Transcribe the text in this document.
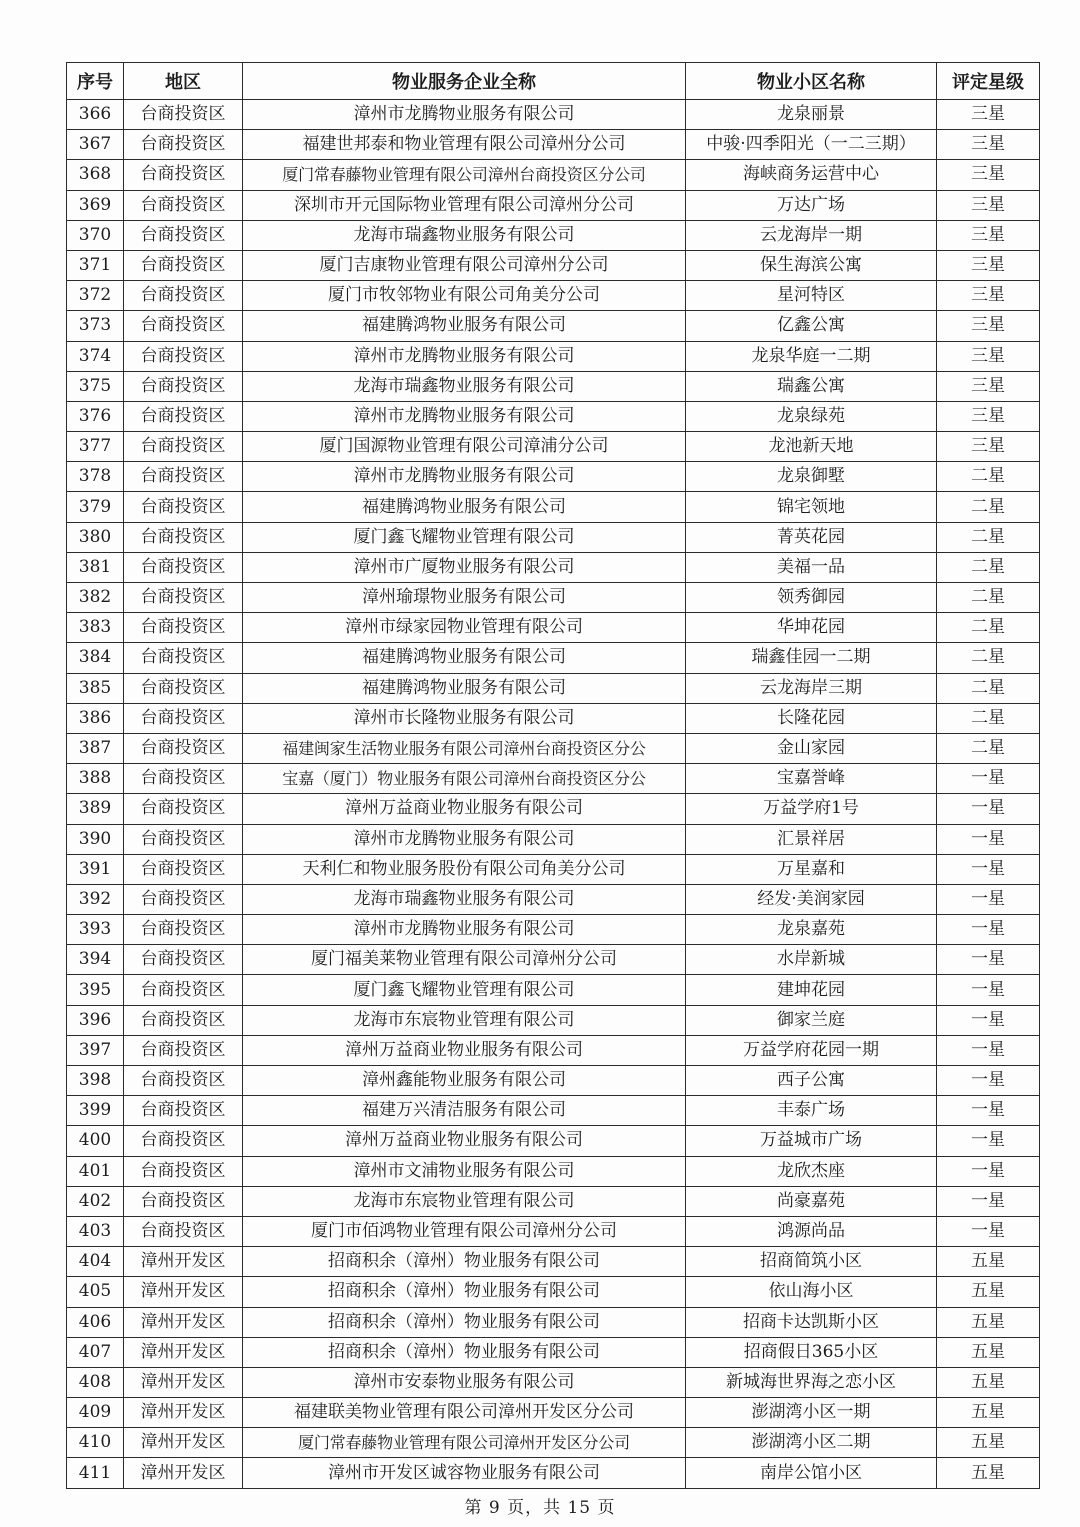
序号	地区	物业服务企业全称	物业小区名称	评定星级
366	台商投资区	漳州市龙腾物业服务有限公司	龙泉丽景	三星
367	台商投资区	福建世邦泰和物业管理有限公司漳州分公司	中骏·四季阳光（一二三期）	三星
368	台商投资区	厦门常春藤物业管理有限公司漳州台商投资区分公司	海峡商务运营中心	三星
369	台商投资区	深圳市开元国际物业管理有限公司漳州分公司	万达广场	三星
370	台商投资区	龙海市瑞鑫物业服务有限公司	云龙海岸一期	三星
371	台商投资区	厦门吉康物业管理有限公司漳州分公司	保生海滨公寓	三星
372	台商投资区	厦门市牧邻物业有限公司角美分公司	星河特区	三星
373	台商投资区	福建腾鸿物业服务有限公司	亿鑫公寓	三星
374	台商投资区	漳州市龙腾物业服务有限公司	龙泉华庭一二期	三星
375	台商投资区	龙海市瑞鑫物业服务有限公司	瑞鑫公寓	三星
376	台商投资区	漳州市龙腾物业服务有限公司	龙泉绿苑	三星
377	台商投资区	厦门国源物业管理有限公司漳浦分公司	龙池新天地	三星
378	台商投资区	漳州市龙腾物业服务有限公司	龙泉御墅	二星
379	台商投资区	福建腾鸿物业服务有限公司	锦宅领地	二星
380	台商投资区	厦门鑫飞耀物业管理有限公司	菁英花园	二星
381	台商投资区	漳州市广厦物业服务有限公司	美福一品	二星
382	台商投资区	漳州瑜璟物业服务有限公司	领秀御园	二星
383	台商投资区	漳州市绿家园物业管理有限公司	华坤花园	二星
384	台商投资区	福建腾鸿物业服务有限公司	瑞鑫佳园一二期	二星
385	台商投资区	福建腾鸿物业服务有限公司	云龙海岸三期	二星
386	台商投资区	漳州市长隆物业服务有限公司	长隆花园	二星
387	台商投资区	福建闽家生活物业服务有限公司漳州台商投资区分公	金山家园	二星
388	台商投资区	宝嘉（厦门）物业服务有限公司漳州台商投资区分公	宝嘉誉峰	一星
389	台商投资区	漳州万益商业物业服务有限公司	万益学府1号	一星
390	台商投资区	漳州市龙腾物业服务有限公司	汇景祥居	一星
391	台商投资区	天利仁和物业服务股份有限公司角美分公司	万星嘉和	一星
392	台商投资区	龙海市瑞鑫物业服务有限公司	经发·美润家园	一星
393	台商投资区	漳州市龙腾物业服务有限公司	龙泉嘉苑	一星
394	台商投资区	厦门福美莱物业管理有限公司漳州分公司	水岸新城	一星
395	台商投资区	厦门鑫飞耀物业管理有限公司	建坤花园	一星
396	台商投资区	龙海市东宸物业管理有限公司	御家兰庭	一星
397	台商投资区	漳州万益商业物业服务有限公司	万益学府花园一期	一星
398	台商投资区	漳州鑫能物业服务有限公司	西子公寓	一星
399	台商投资区	福建万兴清洁服务有限公司	丰泰广场	一星
400	台商投资区	漳州万益商业物业服务有限公司	万益城市广场	一星
401	台商投资区	漳州市文浦物业服务有限公司	龙欣杰座	一星
402	台商投资区	龙海市东宸物业管理有限公司	尚豪嘉苑	一星
403	台商投资区	厦门市佰鸿物业管理有限公司漳州分公司	鸿源尚品	一星
404	漳州开发区	招商积余（漳州）物业服务有限公司	招商简筑小区	五星
405	漳州开发区	招商积余（漳州）物业服务有限公司	依山海小区	五星
406	漳州开发区	招商积余（漳州）物业服务有限公司	招商卡达凯斯小区	五星
407	漳州开发区	招商积余（漳州）物业服务有限公司	招商假日365小区	五星
408	漳州开发区	漳州市安泰物业服务有限公司	新城海世界海之恋小区	五星
409	漳州开发区	福建联美物业管理有限公司漳州开发区分公司	澎湖湾小区一期	五星
410	漳州开发区	厦门常春藤物业管理有限公司漳州开发区分公司	澎湖湾小区二期	五星
411	漳州开发区	漳州市开发区诚容物业服务有限公司	南岸公馆小区	五星
第 9 页，共 15 页
